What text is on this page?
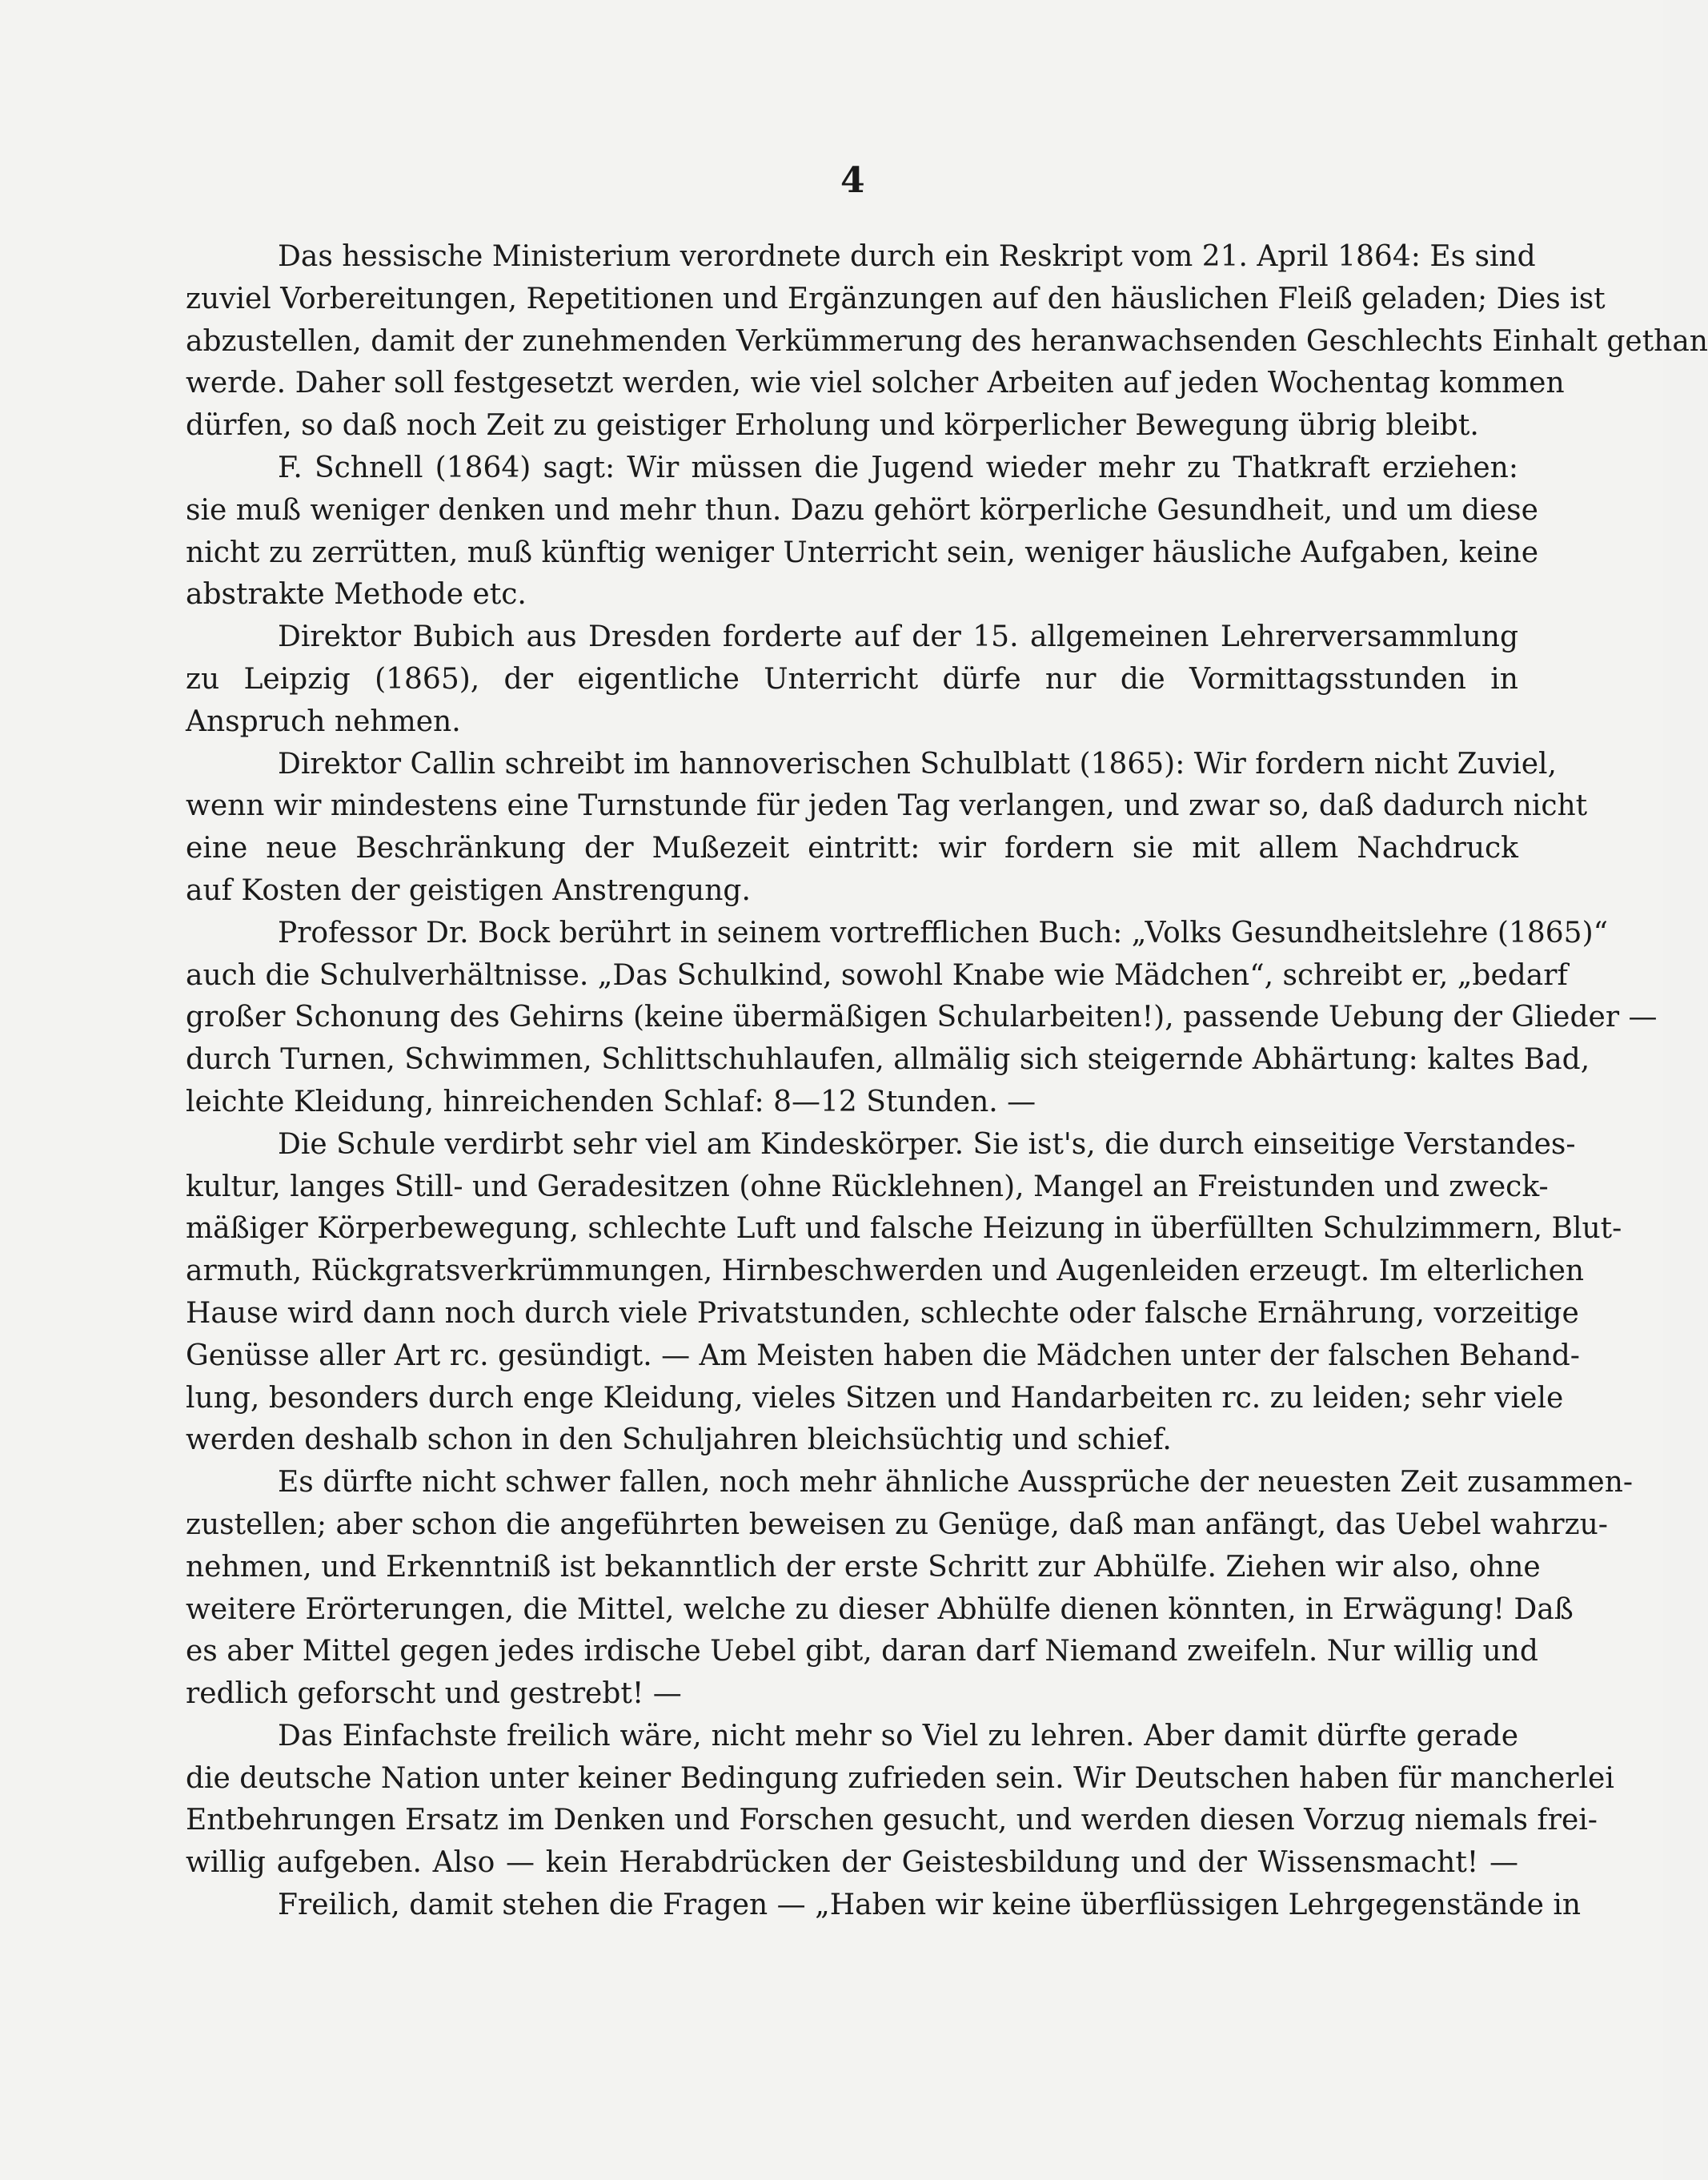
4
Das hessische Ministerium verordnete durch ein Reskript vom 21. April 1864: Es sind
zuviel Vorbereitungen, Repetitionen und Ergänzungen auf den häuslichen Fleiß geladen; Dies ist
abzustellen, damit der zunehmenden Verkümmerung des heranwachsenden Geschlechts Einhalt gethan
werde. Daher soll festgesetzt werden, wie viel solcher Arbeiten auf jeden Wochentag kommen
dürfen, so daß noch Zeit zu geistiger Erholung und körperlicher Bewegung übrig bleibt.
F. Schnell (1864) sagt: Wir müssen die Jugend wieder mehr zu Thatkraft erziehen:
sie muß weniger denken und mehr thun. Dazu gehört körperliche Gesundheit, und um diese
nicht zu zerrütten, muß künftig weniger Unterricht sein, weniger häusliche Aufgaben, keine
abstrakte Methode etc.
Direktor Bubich aus Dresden forderte auf der 15. allgemeinen Lehrerversammlung
zu Leipzig (1865), der eigentliche Unterricht dürfe nur die Vormittagsstunden in
Anspruch nehmen.
Direktor Callin schreibt im hannoverischen Schulblatt (1865): Wir fordern nicht Zuviel,
wenn wir mindestens eine Turnstunde für jeden Tag verlangen, und zwar so, daß dadurch nicht
eine neue Beschränkung der Mußezeit eintritt: wir fordern sie mit allem Nachdruck
auf Kosten der geistigen Anstrengung.
Professor Dr. Bock berührt in seinem vortrefflichen Buch: „Volks Gesundheitslehre (1865)“
auch die Schulverhältnisse. „Das Schulkind, sowohl Knabe wie Mädchen“, schreibt er, „bedarf
großer Schonung des Gehirns (keine übermäßigen Schularbeiten!), passende Uebung der Glieder —
durch Turnen, Schwimmen, Schlittschuhlaufen, allmälig sich steigernde Abhärtung: kaltes Bad,
leichte Kleidung, hinreichenden Schlaf: 8—12 Stunden. —
Die Schule verdirbt sehr viel am Kindeskörper. Sie ist's, die durch einseitige Verstandes-
kultur, langes Still- und Geradesitzen (ohne Rücklehnen), Mangel an Freistunden und zweck-
mäßiger Körperbewegung, schlechte Luft und falsche Heizung in überfüllten Schulzimmern, Blut-
armuth, Rückgratsverkrümmungen, Hirnbeschwerden und Augenleiden erzeugt. Im elterlichen
Hause wird dann noch durch viele Privatstunden, schlechte oder falsche Ernährung, vorzeitige
Genüsse aller Art rc. gesündigt. — Am Meisten haben die Mädchen unter der falschen Behand-
lung, besonders durch enge Kleidung, vieles Sitzen und Handarbeiten rc. zu leiden; sehr viele
werden deshalb schon in den Schuljahren bleichsüchtig und schief.
Es dürfte nicht schwer fallen, noch mehr ähnliche Aussprüche der neuesten Zeit zusammen-
zustellen; aber schon die angeführten beweisen zu Genüge, daß man anfängt, das Uebel wahrzu-
nehmen, und Erkenntniß ist bekanntlich der erste Schritt zur Abhülfe. Ziehen wir also, ohne
weitere Erörterungen, die Mittel, welche zu dieser Abhülfe dienen könnten, in Erwägung! Daß
es aber Mittel gegen jedes irdische Uebel gibt, daran darf Niemand zweifeln. Nur willig und
redlich geforscht und gestrebt! —
Das Einfachste freilich wäre, nicht mehr so Viel zu lehren. Aber damit dürfte gerade
die deutsche Nation unter keiner Bedingung zufrieden sein. Wir Deutschen haben für mancherlei
Entbehrungen Ersatz im Denken und Forschen gesucht, und werden diesen Vorzug niemals frei-
willig aufgeben. Also — kein Herabdrücken der Geistesbildung und der Wissensmacht! —
Freilich, damit stehen die Fragen — „Haben wir keine überflüssigen Lehrgegenstände in
